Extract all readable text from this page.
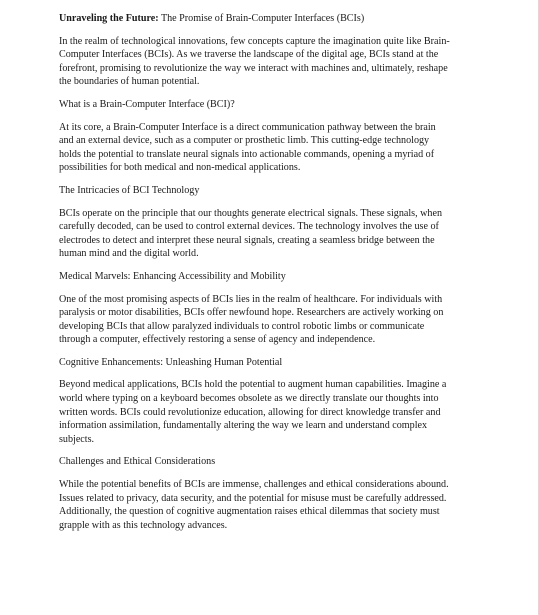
Unraveling the Future: The Promise of Brain-Computer Interfaces (BCIs)

In the realm of technological innovations, few concepts capture the imagination quite like Brain-
Computer Interfaces (BCIs). As we traverse the landscape of the digital age, BCIs stand at the
forefront, promising to revolutionize the way we interact with machines and, ultimately, reshape
the boundaries of human potential.

What is a Brain-Computer Interface (BCI)?

At its core, a Brain-Computer Interface is a direct communication pathway between the brain
and an external device, such as a computer or prosthetic limb. This cutting-edge technology
holds the potential to translate neural signals into actionable commands, opening a myriad of
possibilities for both medical and non-medical applications.

The Intricacies of BCI Technology

BCIs operate on the principle that our thoughts generate electrical signals. These signals, when
carefully decoded, can be used to control external devices. The technology involves the use of
electrodes to detect and interpret these neural signals, creating a seamless bridge between the
human mind and the digital world.

Medical Marvels: Enhancing Accessibility and Mobility

One of the most promising aspects of BCIs lies in the realm of healthcare. For individuals with
paralysis or motor disabilities, BCIs offer newfound hope. Researchers are actively working on
developing BCIs that allow paralyzed individuals to control robotic limbs or communicate
through a computer, effectively restoring a sense of agency and independence.

Cognitive Enhancements: Unleashing Human Potential

Beyond medical applications, BCIs hold the potential to augment human capabilities. Imagine a
world where typing on a keyboard becomes obsolete as we directly translate our thoughts into
written words. BCIs could revolutionize education, allowing for direct knowledge transfer and
information assimilation, fundamentally altering the way we learn and understand complex
subjects.

Challenges and Ethical Considerations

While the potential benefits of BCIs are immense, challenges and ethical considerations abound.
Issues related to privacy, data security, and the potential for misuse must be carefully addressed.
Additionally, the question of cognitive augmentation raises ethical dilemmas that society must
grapple with as this technology advances.
